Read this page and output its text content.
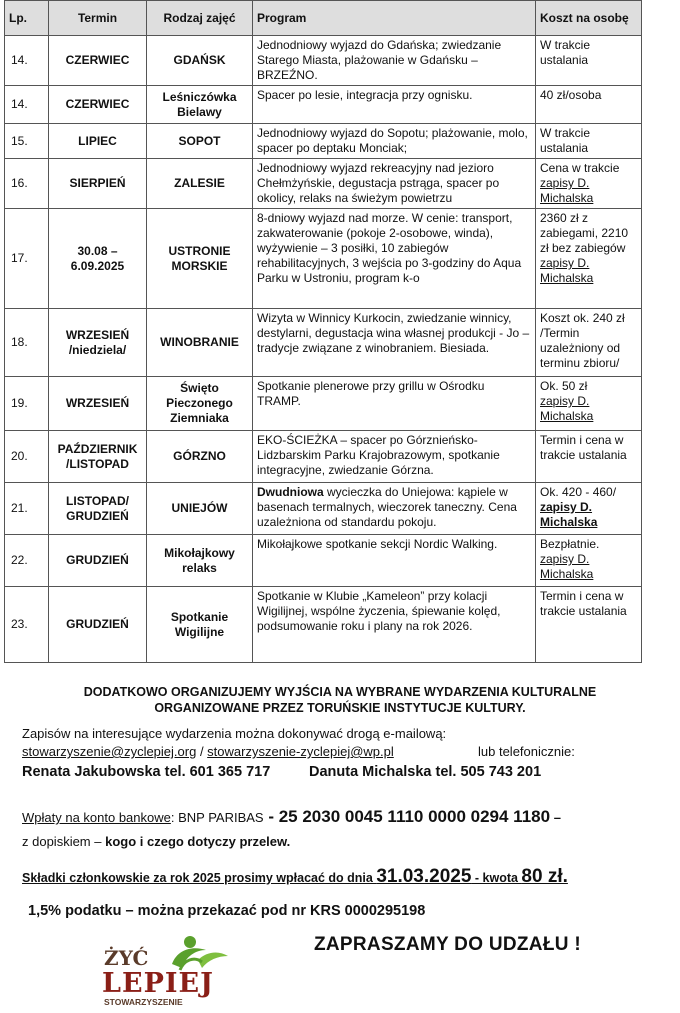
Lp.	Termin	Rodzaj zajęć	Program	Koszt na osobę
14.	CZERWIEC	GDAŃSK	Jednodniowy wyjazd do Gdańska; zwiedzanie Starego Miasta, plażowanie w Gdańsku – BRZEŹNO.	W trakcie ustalania

14.	CZERWIEC	Leśniczówka Bielawy	Spacer po lesie, integracja przy ognisku.	40 zł/osoba

15.	LIPIEC	SOPOT	Jednodniowy wyjazd do Sopotu; plażowanie, molo, spacer po deptaku Monciak;	W trakcie ustalania

16.	SIERPIEŃ	ZALESIE	Jednodniowy wyjazd rekreacyjny nad jezioro Chełmżyńskie, degustacja pstrąga, spacer po okolicy, relaks na świeżym powietrzu	Cena w trakcie
zapisy D. Michalska

17.	30.08 – 6.09.2025	USTRONIE MORSKIE	8-dniowy wyjazd nad morze. W cenie: transport, zakwaterowanie (pokoje 2-osobowe, winda), wyżywienie – 3 posiłki, 10 zabiegów rehabilitacyjnych, 3 wejścia po 3-godziny do Aqua Parku w Ustroniu, program k-o	2360 zł z zabiegami, 2210 zł bez zabiegów
zapisy D. Michalska

18.	WRZESIEŃ /niedziela/	WINOBRANIE	Wizyta w Winnicy Kurkocin, zwiedzanie winnicy, destylarni, degustacja wina własnej produkcji - Jo – tradycje związane z winobraniem. Biesiada.	Koszt ok. 240 zł /Termin uzależniony od terminu zbioru/

19.	WRZESIEŃ	Święto Pieczonego Ziemniaka	Spotkanie plenerowe przy grillu w Ośrodku TRAMP.	Ok. 50 zł
zapisy D. Michalska

20.	PAŹDZIERNIK /LISTOPAD	GÓRZNO	EKO-ŚCIEŻKA – spacer po Górznieńsko-Lidzbarskim Parku Krajobrazowym, spotkanie integracyjne, zwiedzanie Górzna.	Termin i cena w trakcie ustalania

21.	LISTOPAD/ GRUDZIEŃ	UNIEJÓW	Dwudniowa wycieczka do Uniejowa: kąpiele w basenach termalnych, wieczorek taneczny. Cena uzależniona od standardu pokoju.	Ok. 420 - 460/
zapisy D. Michalska

22.	GRUDZIEŃ	Mikołajkowy relaks	Mikołajkowe spotkanie sekcji Nordic Walking.	Bezpłatnie.
zapisy D. Michalska

23.	GRUDZIEŃ	Spotkanie Wigilijne	Spotkanie w Klubie „Kameleon” przy kolacji Wigilijnej, wspólne życzenia, śpiewanie kolęd, podsumowanie roku i plany na rok 2026.	Termin i cena w trakcie ustalania
DODATKOWO ORGANIZUJEMY WYJŚCIA NA WYBRANE WYDARZENIA KULTURALNE
ORGANIZOWANE PRZEZ TORUŃSKIE INSTYTUCJE KULTURY.
Zapisów na interesujące wydarzenia można dokonywać drogą e-mailową:
stowarzyszenie@zyclepiej.org / stowarzyszenie-zyclepiej@wp.pl	lub telefonicznie:
Renata Jakubowska tel. 601 365 717	Danuta Michalska tel. 505 743 201
Wpłaty na konto bankowe: BNP PARIBAS - 25 2030 0045 1110 0000 0294 1180 –
z dopiskiem – kogo i czego dotyczy przelew.
Składki członkowskie za rok 2025 prosimy wpłacać do dnia 31.03.2025 - kwota 80 zł.
1,5% podatku – można przekazać pod nr KRS 0000295198
ŻYĆ
LEPIEJ
STOWARZYSZENIE
ZAPRASZAMY DO UDZAŁU !
